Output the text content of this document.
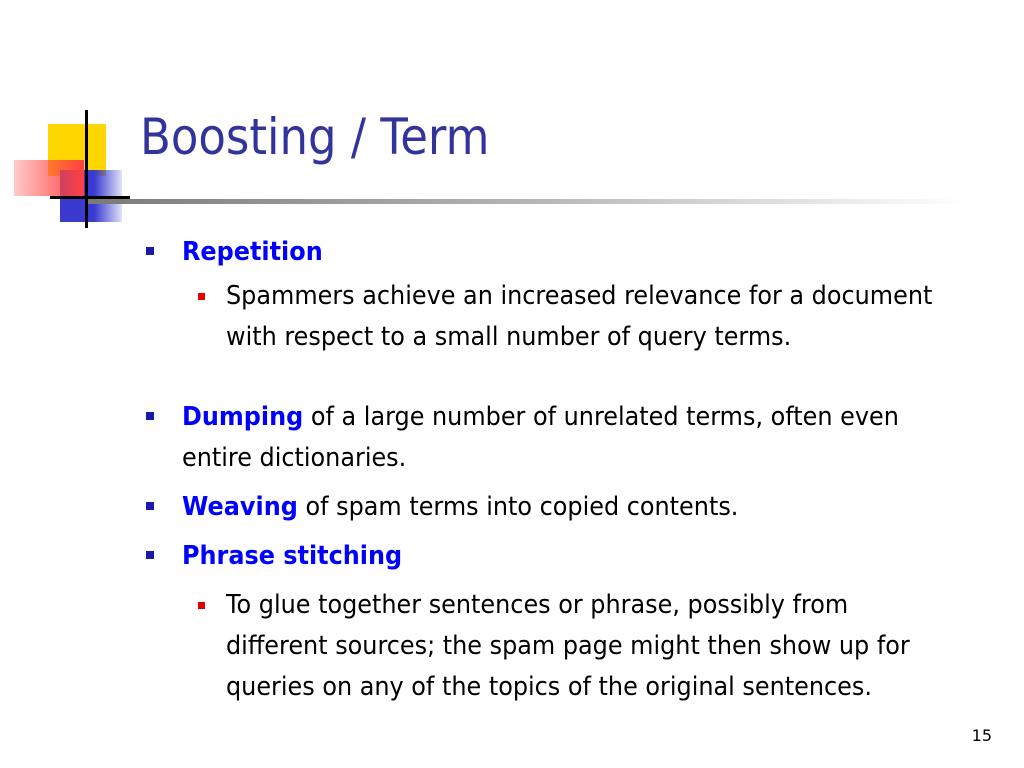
Boosting / Term
Repetition
Spammers achieve an increased relevance for a document with respect to a small number of query terms.
Dumping of a large number of unrelated terms, often even entire dictionaries.
Weaving of spam terms into copied contents.
Phrase stitching
To glue together sentences or phrase, possibly from different sources; the spam page might then show up for queries on any of the topics of the original sentences.
15
